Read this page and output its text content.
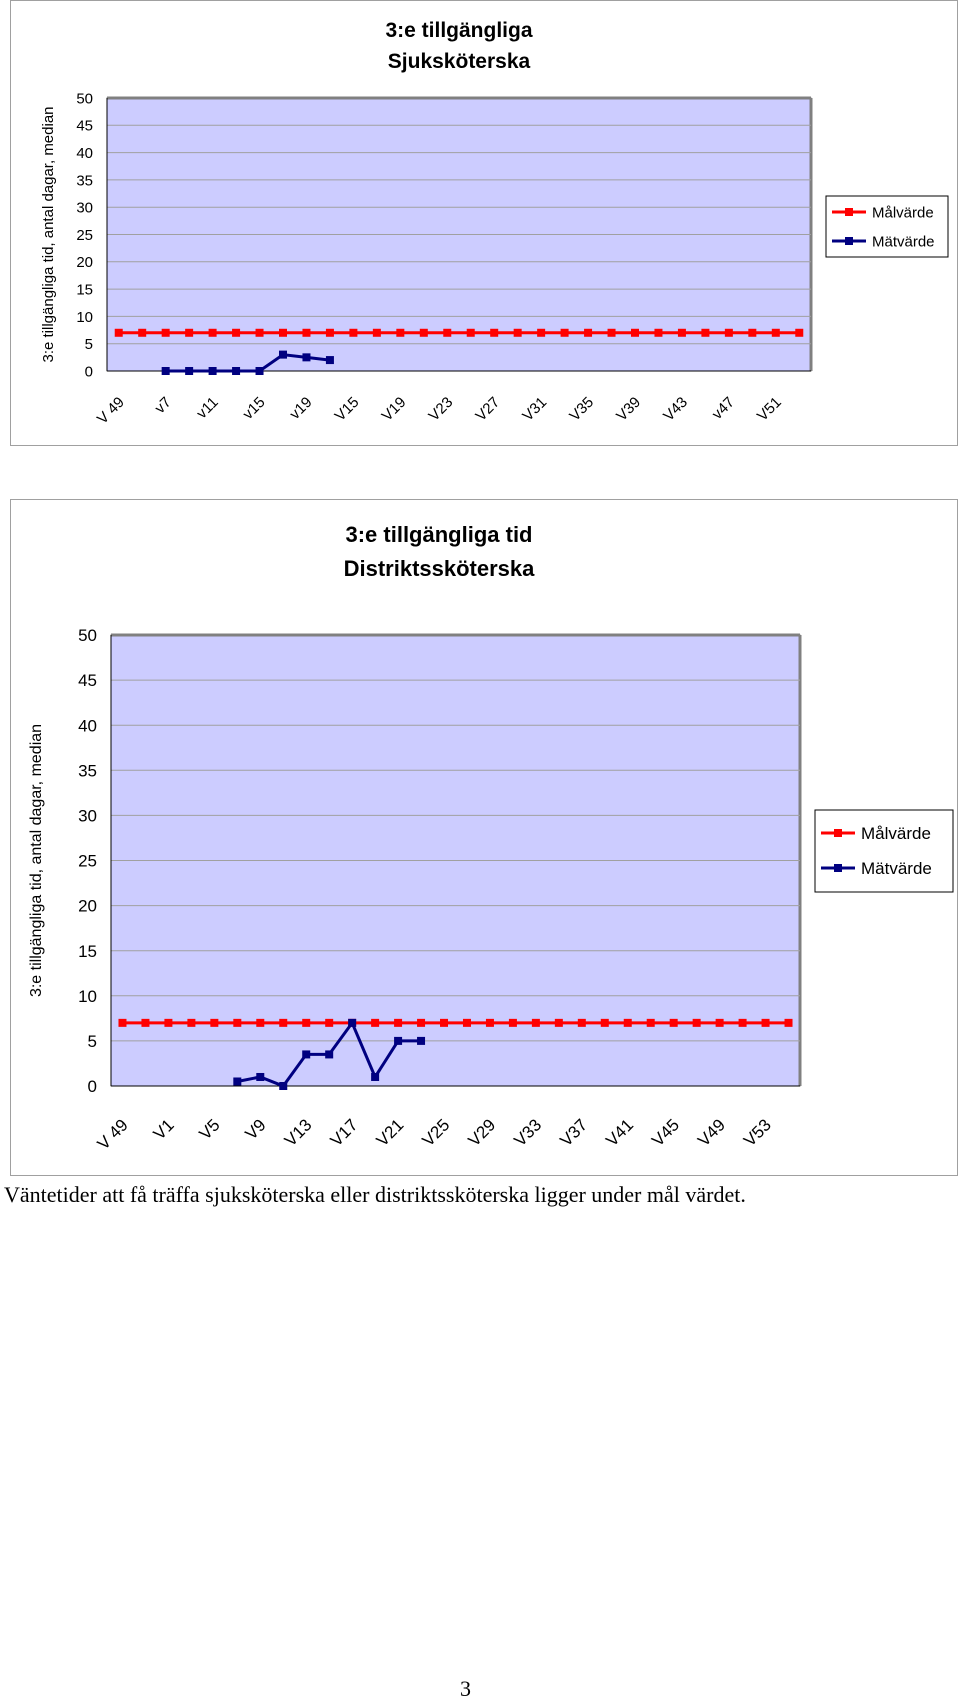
3:e tillgängliga
Sjuksköterska
0
5
10
15
20
25
30
35
40
45
50
3:e tillgängliga tid, antal dagar, median
V 49 v7 v11 v15 v19 V15 V19 V23 V27 V31 V35 V39 V43 v47 V51
Målvärde
Mätvärde
3:e tillgängliga tid
Distriktssköterska
0
5
10
15
20
25
30
35
40
45
50
3:e tillgängliga tid, antal dagar, median
V 49 V1 V5 V9 V13 V17 V21 V25 V29 V33 V37 V41 V45 V49 V53
Målvärde
Mätvärde
Väntetider att få träffa sjuksköterska eller distriktssköterska ligger under mål värdet.
3
